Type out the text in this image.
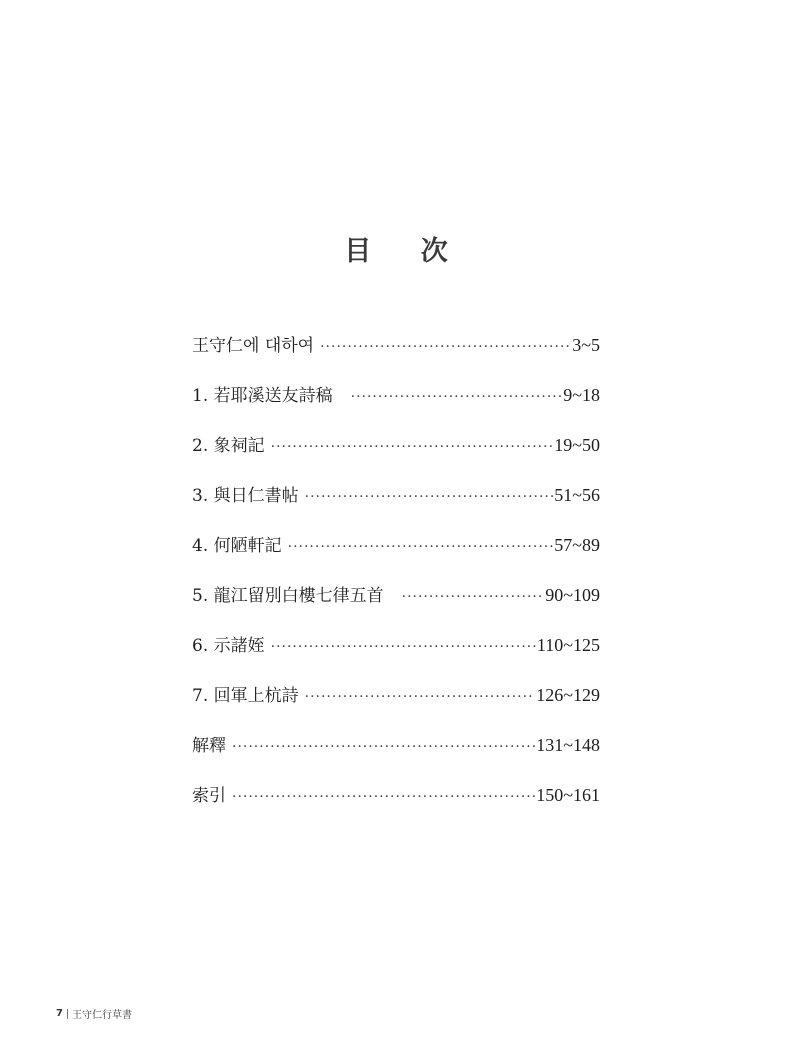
目 次
王守仁에 대하여 ·····	3~5
1. 若耶溪送友詩稿 ·····	9~18
2. 象祠記 ·····	19~50
3. 與日仁書帖 ·····	51~56
4. 何陋軒記 ·····	57~89
5. 龍江留別白樓七律五首 ·····	90~109
6. 示諸姪 ·····	110~125
7. 回軍上杭詩 ·····	126~129
解釋 ·····	131~148
索引 ·····	150~161
7 王守仁行草書
